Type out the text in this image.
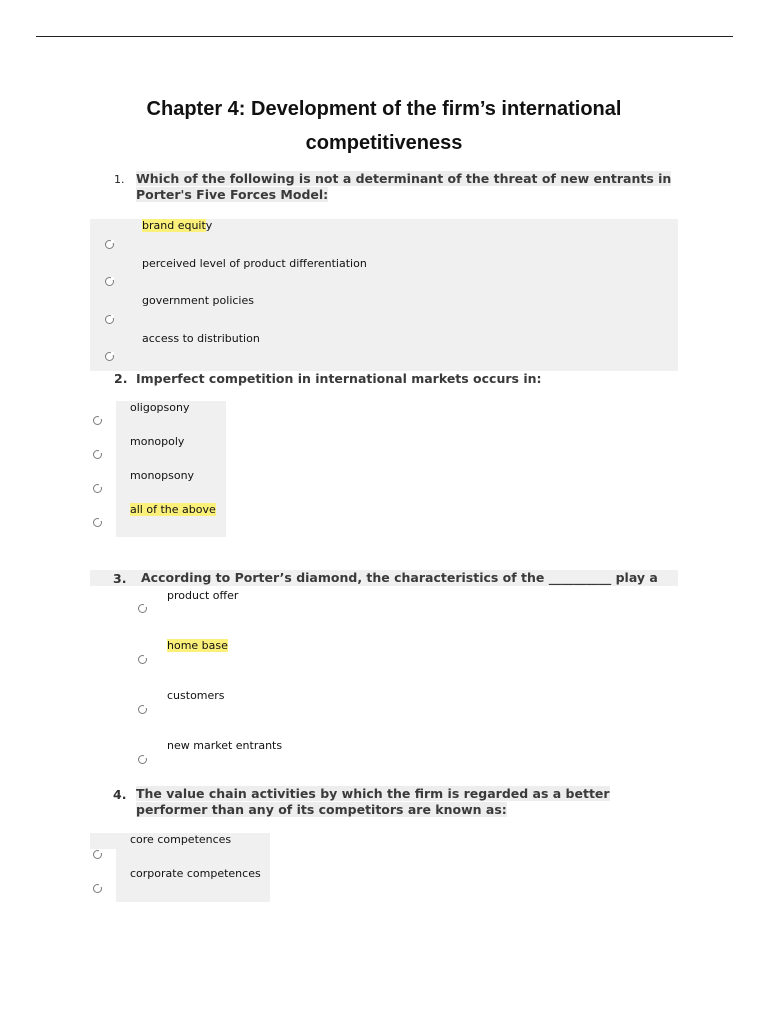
Chapter 4: Development of the firm’s international
competitiveness
1. Which of the following is not a determinant of the threat of new entrants in
Porter's Five Forces Model:
brand equity
perceived level of product differentiation
government policies
access to distribution
2. Imperfect competition in international markets occurs in:
oligopsony
monopoly
monopsony
all of the above
3. According to Porter’s diamond, the characteristics of the __________ play a
product offer
home base
customers
new market entrants
4. The value chain activities by which the firm is regarded as a better
performer than any of its competitors are known as:
core competences
corporate competences
